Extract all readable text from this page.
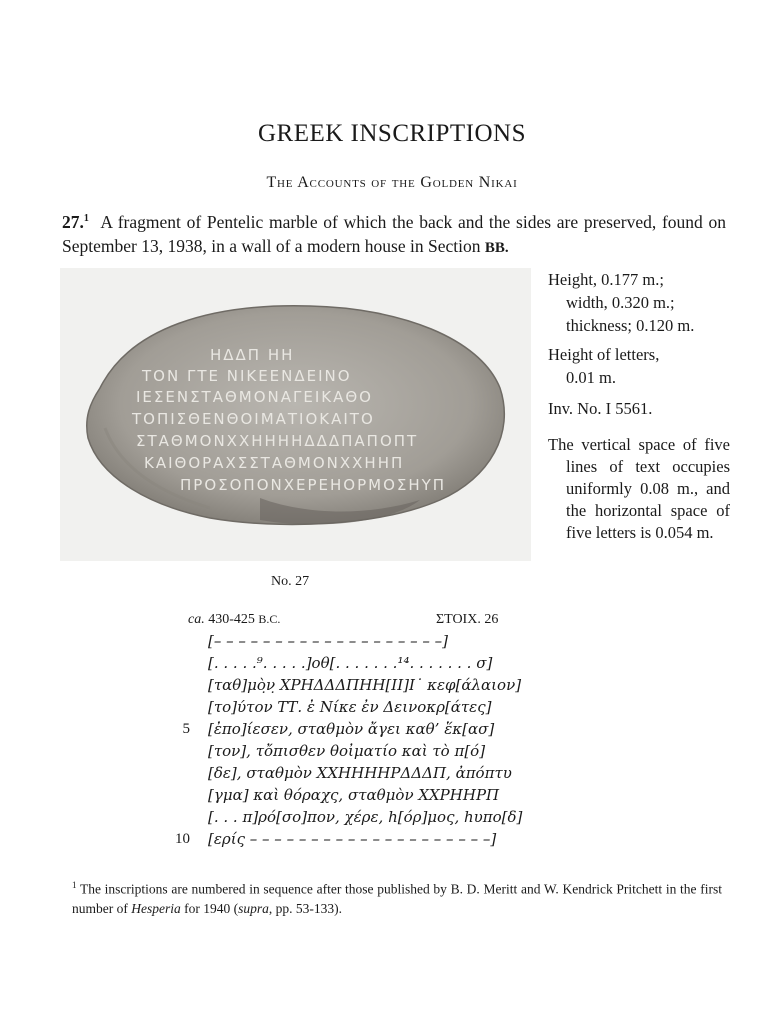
GREEK INSCRIPTIONS
The Accounts of the Golden Nikai
27.$^1$ A fragment of Pentelic marble of which the back and the sides are preserved, found on September 13, 1938, in a wall of a modern house in Section BB.
ΗΔΔΠ ΗΗ
ΤΟΝ ΓΤΕ ΝΙΚΕΕΝΔΕΙΝΟ
ΙΕΣΕΝΣΤΑΘΜΟΝΑΓΕΙΚΑΘΟ
ΤΟΠΙΣΘΕΝΘΟΙΜΑΤΙΟΚΑΙΤΟ
ΣΤΑΘΜΟΝΧΧΗΗΗΗΔΔΔΠΑΠΟΠΤ
ΚΑΙΘΟΡΑΧΣΣΤΑΘΜΟΝΧΧΗΗΠ
ΠΡΟΣΟΠΟΝΧΕΡΕΗΟΡΜΟΣΗΥΠ
Height, 0.177 m.;
width, 0.320 m.;
thickness; 0.120 m.
Height of letters,
0.01 m.
Inv. No. I 5561.
The vertical space of five lines of text occupies uniformly 0.08 m., and the horizontal space of five letters is 0.054 m.
No. 27
ca. 430-425 B.C.	ΣΤΟΙΧ. 26
[– – – – – – – – – – – – – – – – – – –]
[. . . . .⁹. . . . .]οθ[. . . . . . .¹⁴. . . . . . . σ]
[ταθ]μὸ̣ν̣ ΧΡΗΔΔΔΠΗΗ[ΙΙ]Ι˙ κεφ[άλαιον]
[το]ύτον ΤΤ. ἐ Νίκε ἐν Δεινοκρ[άτες]
5 [ἐπο]ίεσεν, σταθμὸν ἄγει καθ’ ἕκ[ασ]
[τον], τὄπισθεν θοἰματίο καὶ τὸ π[ό]
[δε], σταθμὸν ΧΧΗΗΗΗΡΔΔΔΠ, ἀπόπτυ
[γμα] καὶ θόραχς, σταθμὸν ΧΧΡΗΗΡΠ
[. . . π]ρό[σο]πον, χέρε, h[όρ]μος, hυπο[δ]
10 [ερίς – – – – – – – – – – – – – – – – – – – –]
$^1$ The inscriptions are numbered in sequence after those published by B. D. Meritt and W. Kendrick Pritchett in the first number of Hesperia for 1940 (supra, pp. 53-133).
